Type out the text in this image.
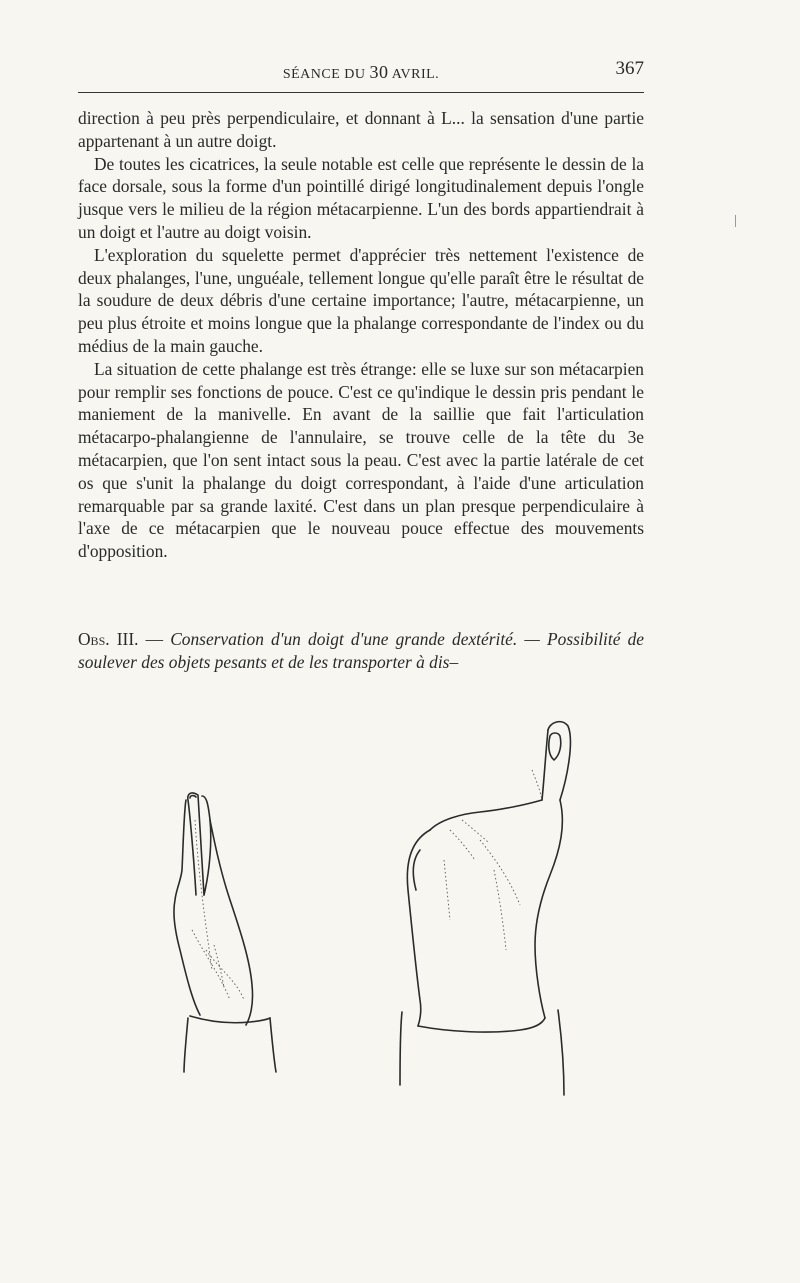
SÉANCE DU 30 AVRIL.	367

direction à peu près perpendiculaire, et donnant à L... la sensation d'une partie appartenant à un autre doigt.

De toutes les cicatrices, la seule notable est celle que représente le dessin de la face dorsale, sous la forme d'un pointillé dirigé longitudinalement depuis l'ongle jusque vers le milieu de la région métacarpienne. L'un des bords appartiendrait à un doigt et l'autre au doigt voisin.

L'exploration du squelette permet d'apprécier très nettement l'existence de deux phalanges, l'une, unguéale, tellement longue qu'elle paraît être le résultat de la soudure de deux débris d'une certaine importance; l'autre, métacarpienne, un peu plus étroite et moins longue que la phalange correspondante de l'index ou du médius de la main gauche.

La situation de cette phalange est très étrange: elle se luxe sur son métacarpien pour remplir ses fonctions de pouce. C'est ce qu'indique le dessin pris pendant le maniement de la manivelle. En avant de la saillie que fait l'articulation métacarpo-phalangienne de l'annulaire, se trouve celle de la tête du 3e métacarpien, que l'on sent intact sous la peau. C'est avec la partie latérale de cet os que s'unit la phalange du doigt correspondant, à l'aide d'une articulation remarquable par sa grande laxité. C'est dans un plan presque perpendiculaire à l'axe de ce métacarpien que le nouveau pouce effectue des mouvements d'opposition.

Obs. III. — Conservation d'un doigt d'une grande dextérité. — Possibilité de soulever des objets pesants et de les transporter à dis–
